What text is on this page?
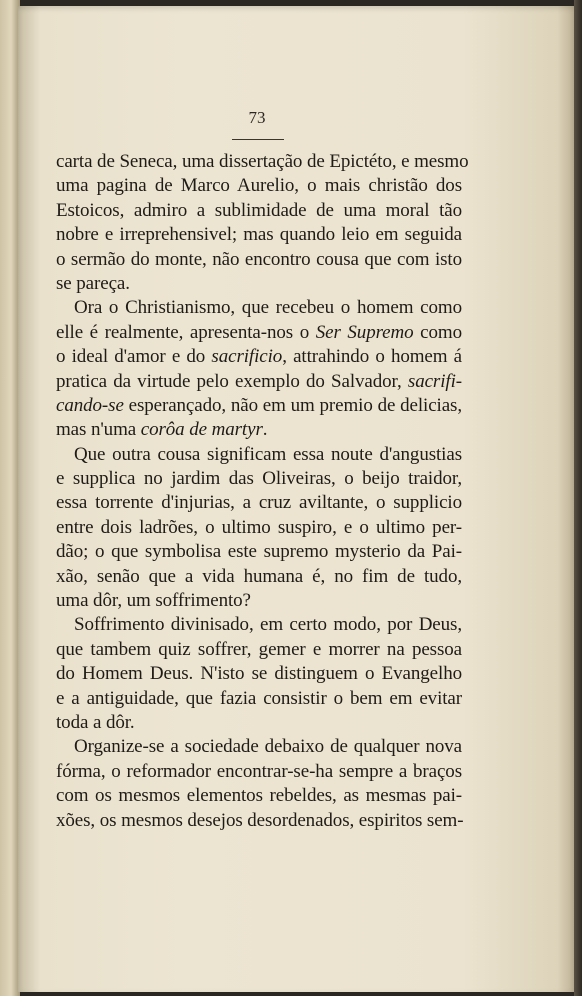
73
carta de Seneca, uma dissertação de Epictéto, e mesmo
uma pagina de Marco Aurelio, o mais christão dos
Estoicos, admiro a sublimidade de uma moral tão
nobre e irreprehensivel; mas quando leio em seguida
o sermão do monte, não encontro cousa que com isto
se pareça.
Ora o Christianismo, que recebeu o homem como
elle é realmente, apresenta-nos o Ser Supremo como
o ideal d'amor e do sacrificio, attrahindo o homem á
pratica da virtude pelo exemplo do Salvador, sacrifi-
cando-se esperançado, não em um premio de delicias,
mas n'uma corôa de martyr.
Que outra cousa significam essa noute d'angustias
e supplica no jardim das Oliveiras, o beijo traidor,
essa torrente d'injurias, a cruz aviltante, o supplicio
entre dois ladrões, o ultimo suspiro, e o ultimo per-
dão; o que symbolisa este supremo mysterio da Pai-
xão, senão que a vida humana é, no fim de tudo,
uma dôr, um soffrimento?
Soffrimento divinisado, em certo modo, por Deus,
que tambem quiz soffrer, gemer e morrer na pessoa
do Homem Deus. N'isto se distinguem o Evangelho
e a antiguidade, que fazia consistir o bem em evitar
toda a dôr.
Organize-se a sociedade debaixo de qualquer nova
fórma, o reformador encontrar-se-ha sempre a braços
com os mesmos elementos rebeldes, as mesmas pai-
xões, os mesmos desejos desordenados, espiritos sem-
